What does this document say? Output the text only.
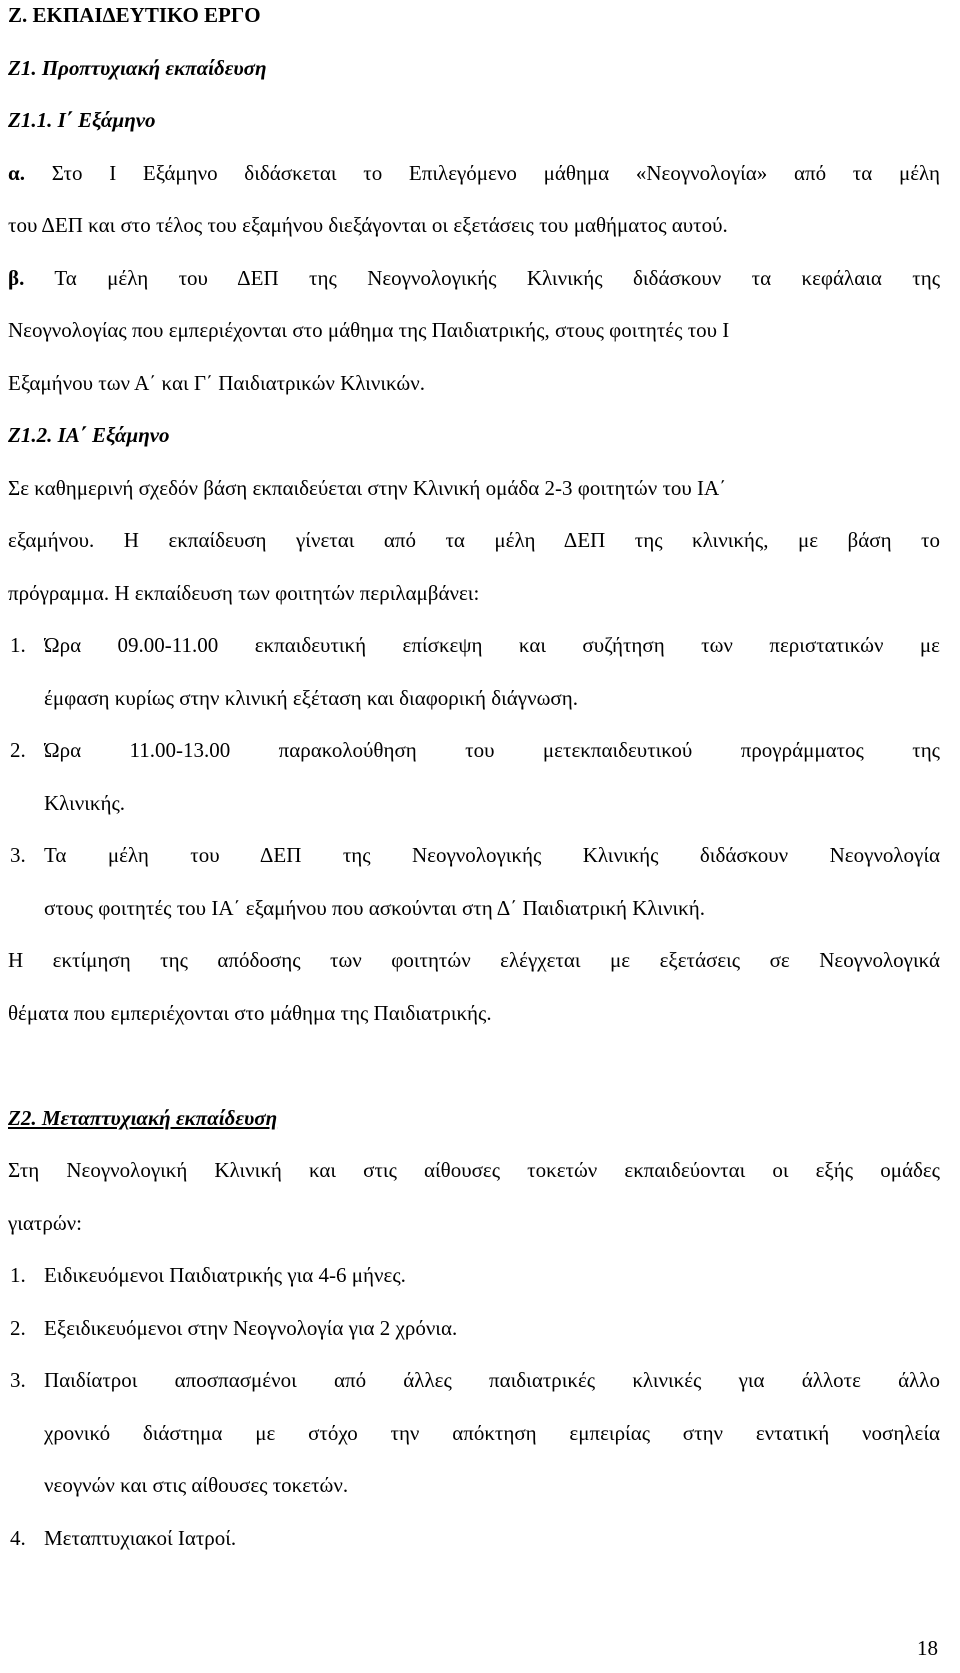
Ζ. ΕΚΠΑΙΔΕΥΤΙΚΟ ΕΡΓΟ
Ζ1. Προπτυχιακή εκπαίδευση
Ζ1.1. Ι΄ Εξάμηνο
α. Στο Ι Εξάμηνο διδάσκεται το Επιλεγόμενο μάθημα «Νεογνολογία» από τα μέλη
του ΔΕΠ και στο τέλος του εξαμήνου διεξάγονται οι εξετάσεις του μαθήματος αυτού.
β. Τα μέλη του ΔΕΠ της Νεογνολογικής Κλινικής διδάσκουν τα κεφάλαια της
Νεογνολογίας που εμπεριέχονται στο μάθημα της Παιδιατρικής, στους φοιτητές του Ι
Εξαμήνου των Α΄ και Γ΄ Παιδιατρικών Κλινικών.
Ζ1.2. ΙΑ΄ Εξάμηνο
Σε καθημερινή σχεδόν βάση εκπαιδεύεται στην Κλινική ομάδα 2-3 φοιτητών του ΙΑ΄
εξαμήνου. Η εκπαίδευση γίνεται από τα μέλη ΔΕΠ της κλινικής, με βάση το
πρόγραμμα. Η εκπαίδευση των φοιτητών περιλαμβάνει:
1. Ώρα 09.00-11.00 εκπαιδευτική επίσκεψη και συζήτηση των περιστατικών με
έμφαση κυρίως στην κλινική εξέταση και διαφορική διάγνωση.
2. Ώρα 11.00-13.00 παρακολούθηση του μετεκπαιδευτικού προγράμματος της
Κλινικής.
3. Τα μέλη του ΔΕΠ της Νεογνολογικής Κλινικής διδάσκουν Νεογνολογία
στους φοιτητές του ΙΑ΄ εξαμήνου που ασκούνται στη Δ΄ Παιδιατρική Κλινική.
Η εκτίμηση της απόδοσης των φοιτητών ελέγχεται με εξετάσεις σε Νεογνολογικά
θέματα που εμπεριέχονται στο μάθημα της Παιδιατρικής.
Ζ2. Μεταπτυχιακή εκπαίδευση
Στη Νεογνολογική Κλινική και στις αίθουσες τοκετών εκπαιδεύονται οι εξής ομάδες
γιατρών:
1. Ειδικευόμενοι Παιδιατρικής για 4-6 μήνες.
2. Εξειδικευόμενοι στην Νεογνολογία για 2 χρόνια.
3. Παιδίατροι αποσπασμένοι από άλλες παιδιατρικές κλινικές για άλλοτε άλλο
χρονικό διάστημα με στόχο την απόκτηση εμπειρίας στην εντατική νοσηλεία
νεογνών και στις αίθουσες τοκετών.
4. Μεταπτυχιακοί Ιατροί.
18
